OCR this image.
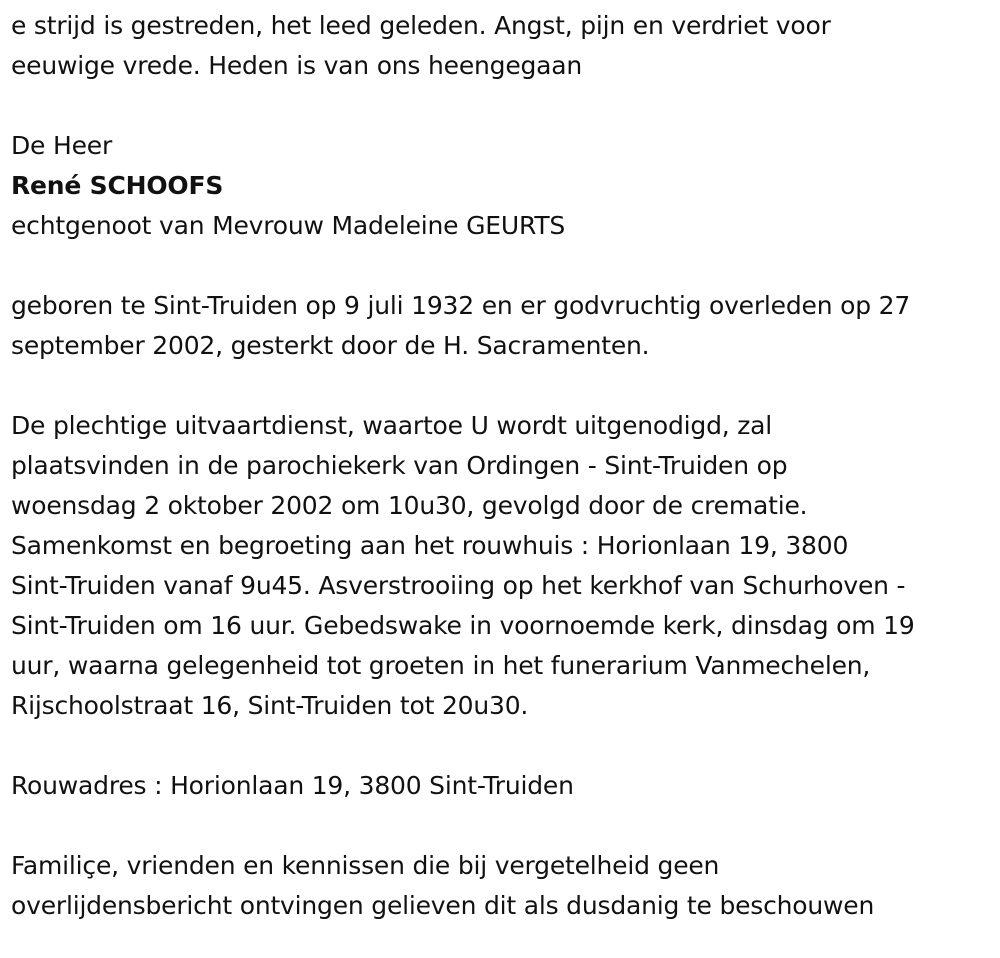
e strijd is gestreden, het leed geleden. Angst, pijn en verdriet voor
eeuwige vrede. Heden is van ons heengegaan
De Heer
René SCHOOFS
echtgenoot van Mevrouw Madeleine GEURTS
geboren te Sint-Truiden op 9 juli 1932 en er godvruchtig overleden op 27
september 2002, gesterkt door de H. Sacramenten.
De plechtige uitvaartdienst, waartoe U wordt uitgenodigd, zal
plaatsvinden in de parochiekerk van Ordingen - Sint-Truiden op
woensdag 2 oktober 2002 om 10u30, gevolgd door de crematie.
Samenkomst en begroeting aan het rouwhuis : Horionlaan 19, 3800
Sint-Truiden vanaf 9u45. Asverstrooiing op het kerkhof van Schurhoven -
Sint-Truiden om 16 uur. Gebedswake in voornoemde kerk, dinsdag om 19
uur, waarna gelegenheid tot groeten in het funerarium Vanmechelen,
Rijschoolstraat 16, Sint-Truiden tot 20u30.
Rouwadres : Horionlaan 19, 3800 Sint-Truiden
Familiçe, vrienden en kennissen die bij vergetelheid geen
overlijdensbericht ontvingen gelieven dit als dusdanig te beschouwen
